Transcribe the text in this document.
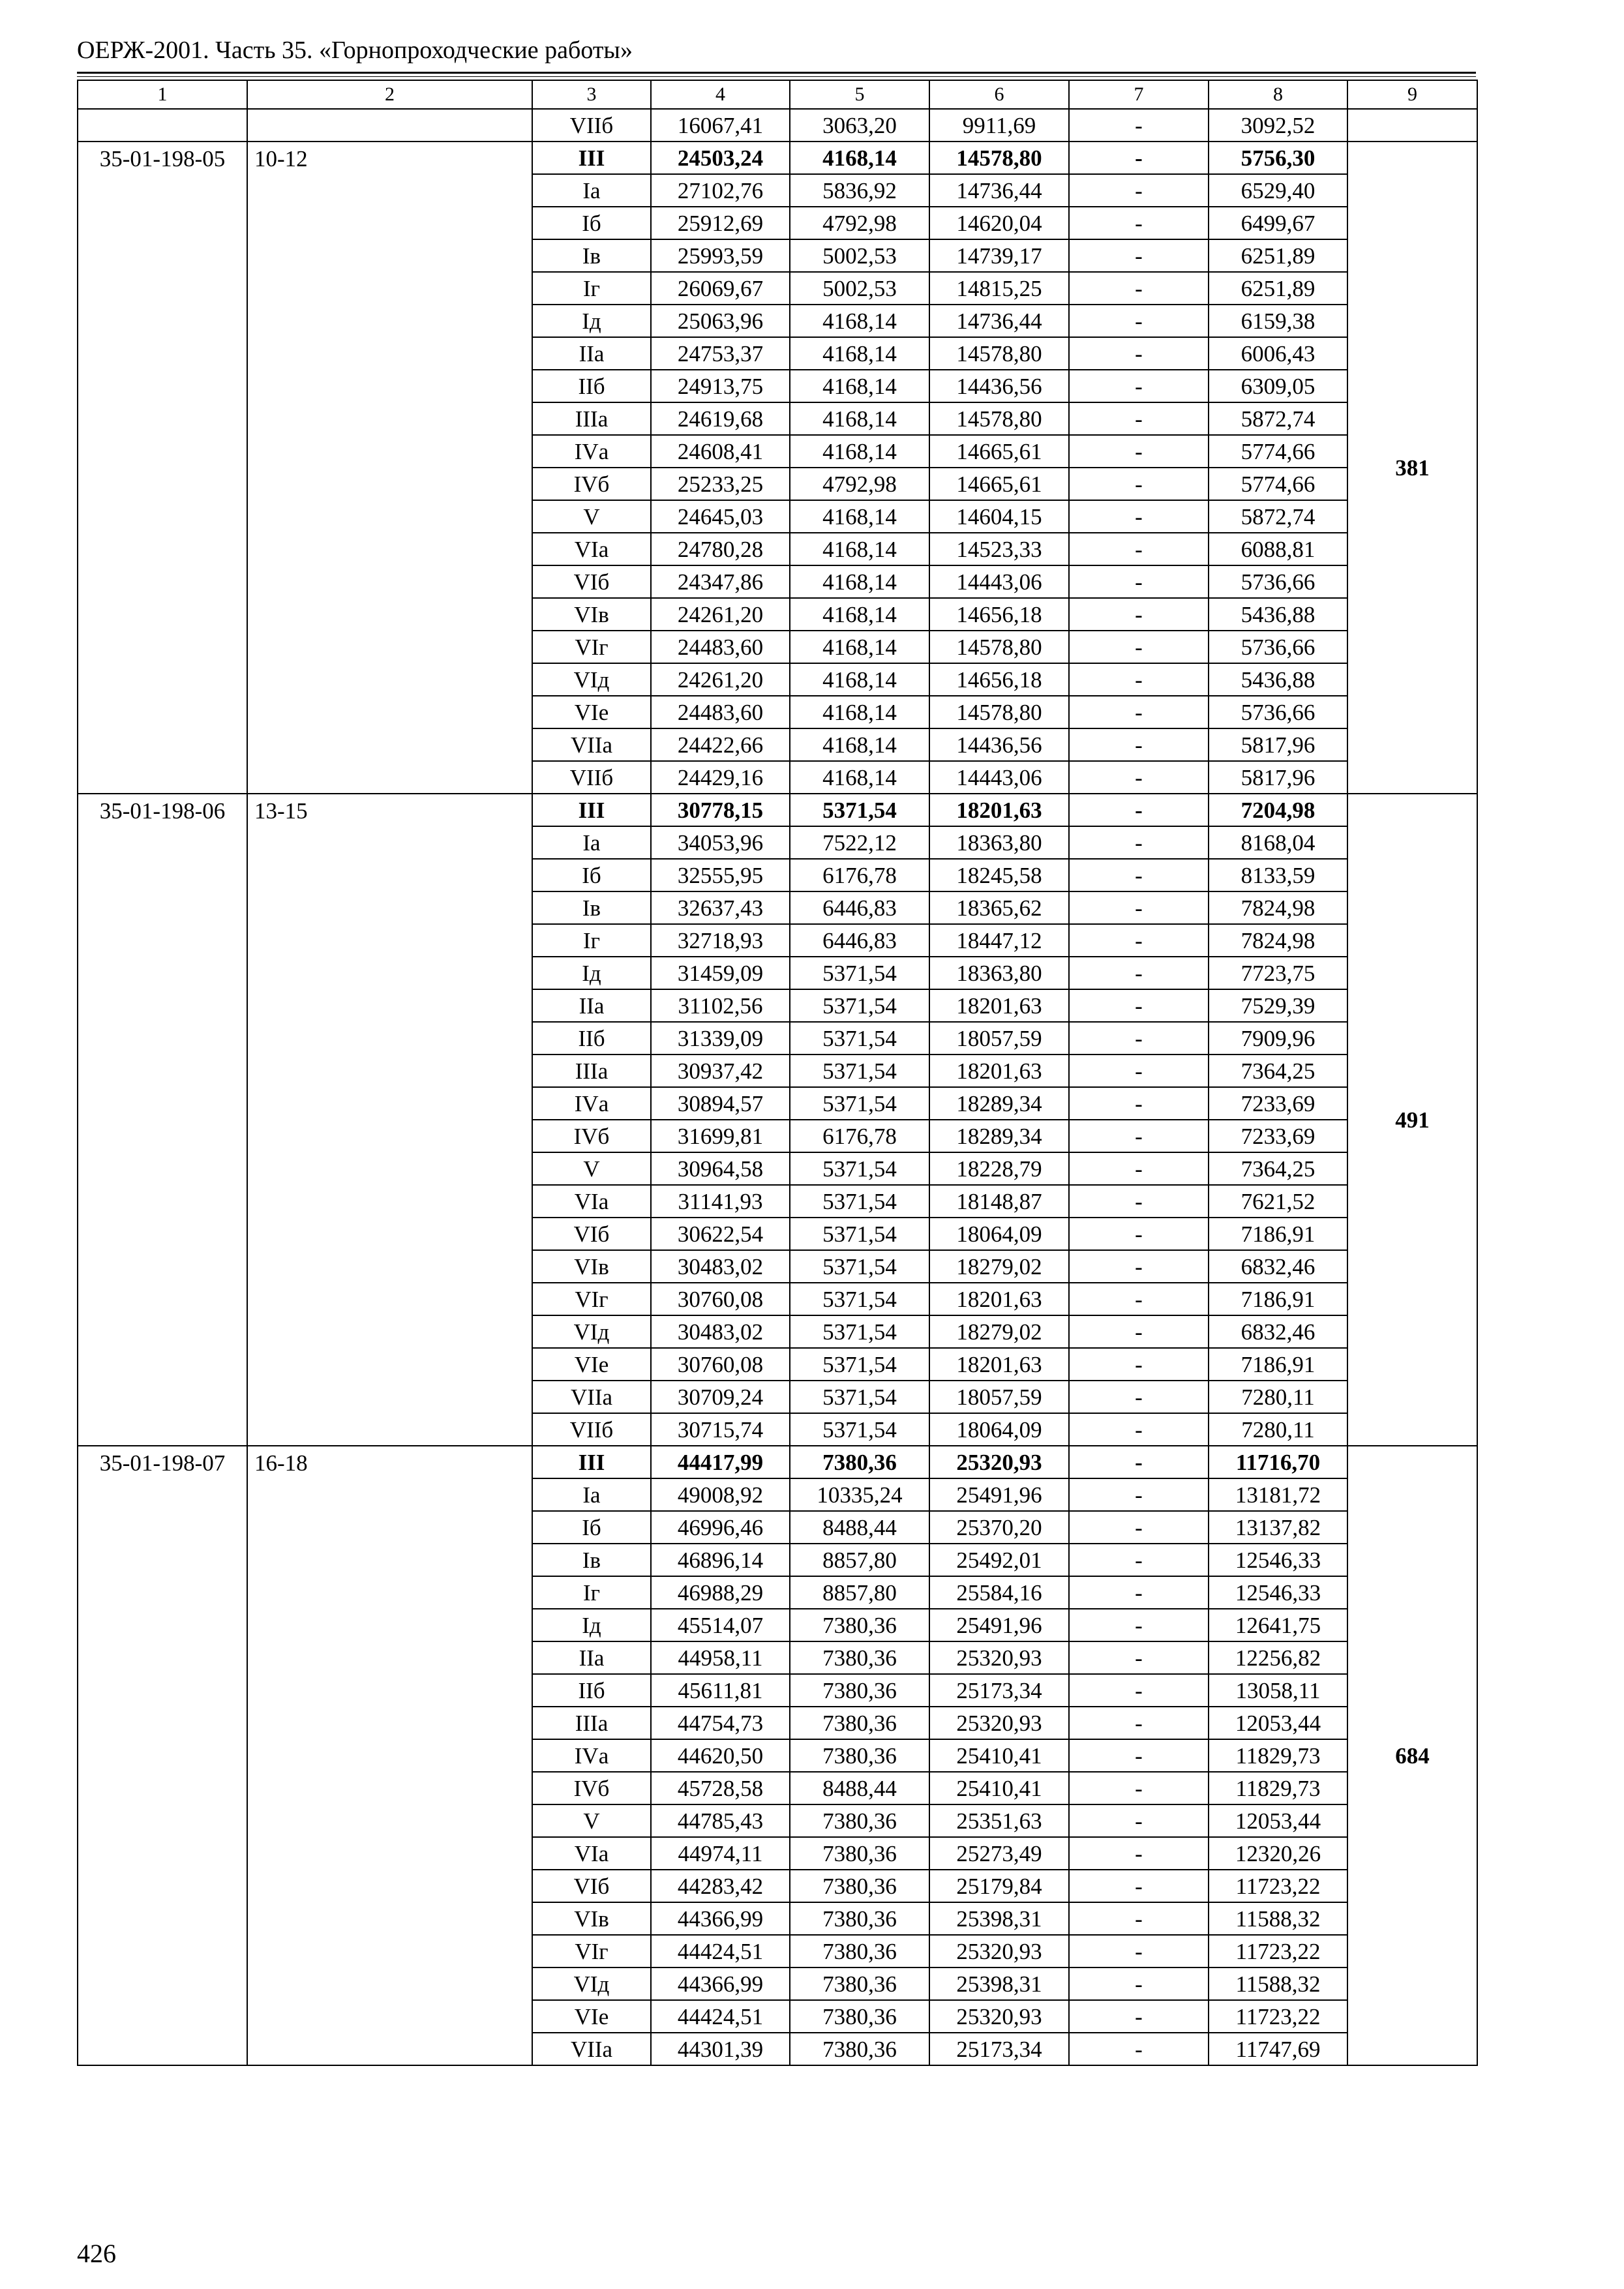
ОЕРЖ-2001. Часть 35. «Горнопроходческие работы»
1	2	3	4	5	6	7	8	9
		VIIб	16067,41	3063,20	9911,69	-	3092,52	
35-01-198-05	10-12	III	24503,24	4168,14	14578,80	-	5756,30	381
		Iа	27102,76	5836,92	14736,44	-	6529,40	
		Iб	25912,69	4792,98	14620,04	-	6499,67	
		Iв	25993,59	5002,53	14739,17	-	6251,89	
		Iг	26069,67	5002,53	14815,25	-	6251,89	
		Iд	25063,96	4168,14	14736,44	-	6159,38	
		IIа	24753,37	4168,14	14578,80	-	6006,43	
		IIб	24913,75	4168,14	14436,56	-	6309,05	
		IIIа	24619,68	4168,14	14578,80	-	5872,74	
		IVа	24608,41	4168,14	14665,61	-	5774,66	
		IVб	25233,25	4792,98	14665,61	-	5774,66	
		V	24645,03	4168,14	14604,15	-	5872,74	
		VIа	24780,28	4168,14	14523,33	-	6088,81	
		VIб	24347,86	4168,14	14443,06	-	5736,66	
		VIв	24261,20	4168,14	14656,18	-	5436,88	
		VIг	24483,60	4168,14	14578,80	-	5736,66	
		VIд	24261,20	4168,14	14656,18	-	5436,88	
		VIе	24483,60	4168,14	14578,80	-	5736,66	
		VIIа	24422,66	4168,14	14436,56	-	5817,96	
		VIIб	24429,16	4168,14	14443,06	-	5817,96	
35-01-198-06	13-15	III	30778,15	5371,54	18201,63	-	7204,98	491
		Iа	34053,96	7522,12	18363,80	-	8168,04	
		Iб	32555,95	6176,78	18245,58	-	8133,59	
		Iв	32637,43	6446,83	18365,62	-	7824,98	
		Iг	32718,93	6446,83	18447,12	-	7824,98	
		Iд	31459,09	5371,54	18363,80	-	7723,75	
		IIа	31102,56	5371,54	18201,63	-	7529,39	
		IIб	31339,09	5371,54	18057,59	-	7909,96	
		IIIа	30937,42	5371,54	18201,63	-	7364,25	
		IVа	30894,57	5371,54	18289,34	-	7233,69	
		IVб	31699,81	6176,78	18289,34	-	7233,69	
		V	30964,58	5371,54	18228,79	-	7364,25	
		VIа	31141,93	5371,54	18148,87	-	7621,52	
		VIб	30622,54	5371,54	18064,09	-	7186,91	
		VIв	30483,02	5371,54	18279,02	-	6832,46	
		VIг	30760,08	5371,54	18201,63	-	7186,91	
		VIд	30483,02	5371,54	18279,02	-	6832,46	
		VIе	30760,08	5371,54	18201,63	-	7186,91	
		VIIа	30709,24	5371,54	18057,59	-	7280,11	
		VIIб	30715,74	5371,54	18064,09	-	7280,11	
35-01-198-07	16-18	III	44417,99	7380,36	25320,93	-	11716,70	684
		Iа	49008,92	10335,24	25491,96	-	13181,72	
		Iб	46996,46	8488,44	25370,20	-	13137,82	
		Iв	46896,14	8857,80	25492,01	-	12546,33	
		Iг	46988,29	8857,80	25584,16	-	12546,33	
		Iд	45514,07	7380,36	25491,96	-	12641,75	
		IIа	44958,11	7380,36	25320,93	-	12256,82	
		IIб	45611,81	7380,36	25173,34	-	13058,11	
		IIIа	44754,73	7380,36	25320,93	-	12053,44	
		IVа	44620,50	7380,36	25410,41	-	11829,73	
		IVб	45728,58	8488,44	25410,41	-	11829,73	
		V	44785,43	7380,36	25351,63	-	12053,44	
		VIа	44974,11	7380,36	25273,49	-	12320,26	
		VIб	44283,42	7380,36	25179,84	-	11723,22	
		VIв	44366,99	7380,36	25398,31	-	11588,32	
		VIг	44424,51	7380,36	25320,93	-	11723,22	
		VIд	44366,99	7380,36	25398,31	-	11588,32	
		VIе	44424,51	7380,36	25320,93	-	11723,22	
		VIIа	44301,39	7380,36	25173,34	-	11747,69	
426
